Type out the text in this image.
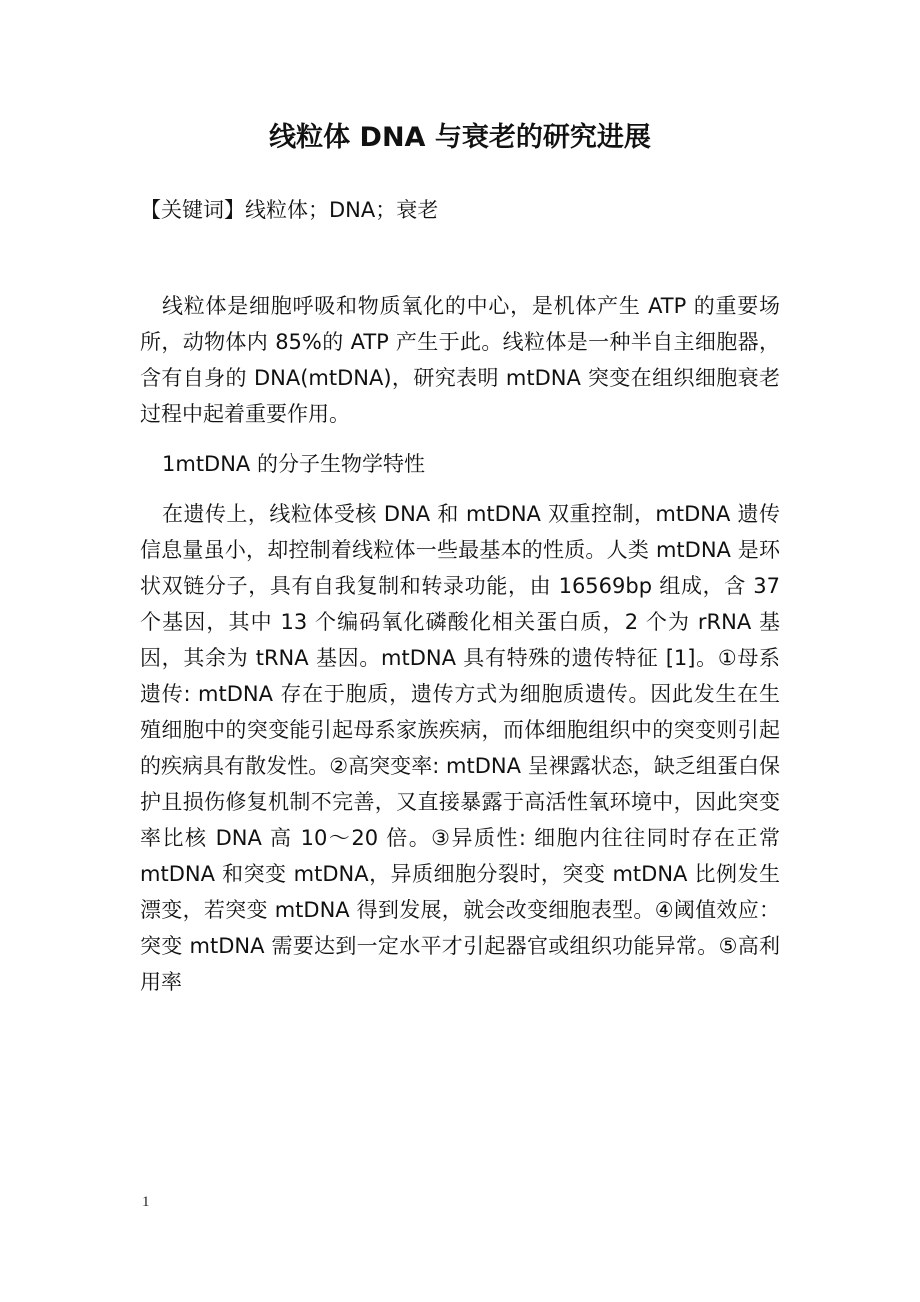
线粒体 DNA 与衰老的研究进展
【关键词】线粒体；DNA；衰老

线粒体是细胞呼吸和物质氧化的中心，是机体产生 ATP 的重要场所，动物体内 85%的 ATP 产生于此。线粒体是一种半自主细胞器，含有自身的 DNA(mtDNA)，研究表明 mtDNA 突变在组织细胞衰老过程中起着重要作用。

1mtDNA 的分子生物学特性

在遗传上，线粒体受核 DNA 和 mtDNA 双重控制，mtDNA 遗传信息量虽小，却控制着线粒体一些最基本的性质。人类 mtDNA 是环状双链分子，具有自我复制和转录功能，由 16569bp 组成，含 37 个基因，其中 13 个编码氧化磷酸化相关蛋白质，2 个为 rRNA 基因，其余为 tRNA 基因。mtDNA 具有特殊的遗传特征 [1]。①母系遗传: mtDNA 存在于胞质，遗传方式为细胞质遗传。因此发生在生殖细胞中的突变能引起母系家族疾病，而体细胞组织中的突变则引起的疾病具有散发性。②高突变率: mtDNA 呈裸露状态，缺乏组蛋白保护且损伤修复机制不完善，又直接暴露于高活性氧环境中，因此突变率比核 DNA 高 10～20 倍。③异质性: 细胞内往往同时存在正常 mtDNA 和突变 mtDNA，异质细胞分裂时，突变 mtDNA 比例发生漂变，若突变 mtDNA 得到发展，就会改变细胞表型。④阈值效应：突变 mtDNA 需要达到一定水平才引起器官或组织功能异常。⑤高利用率

1
